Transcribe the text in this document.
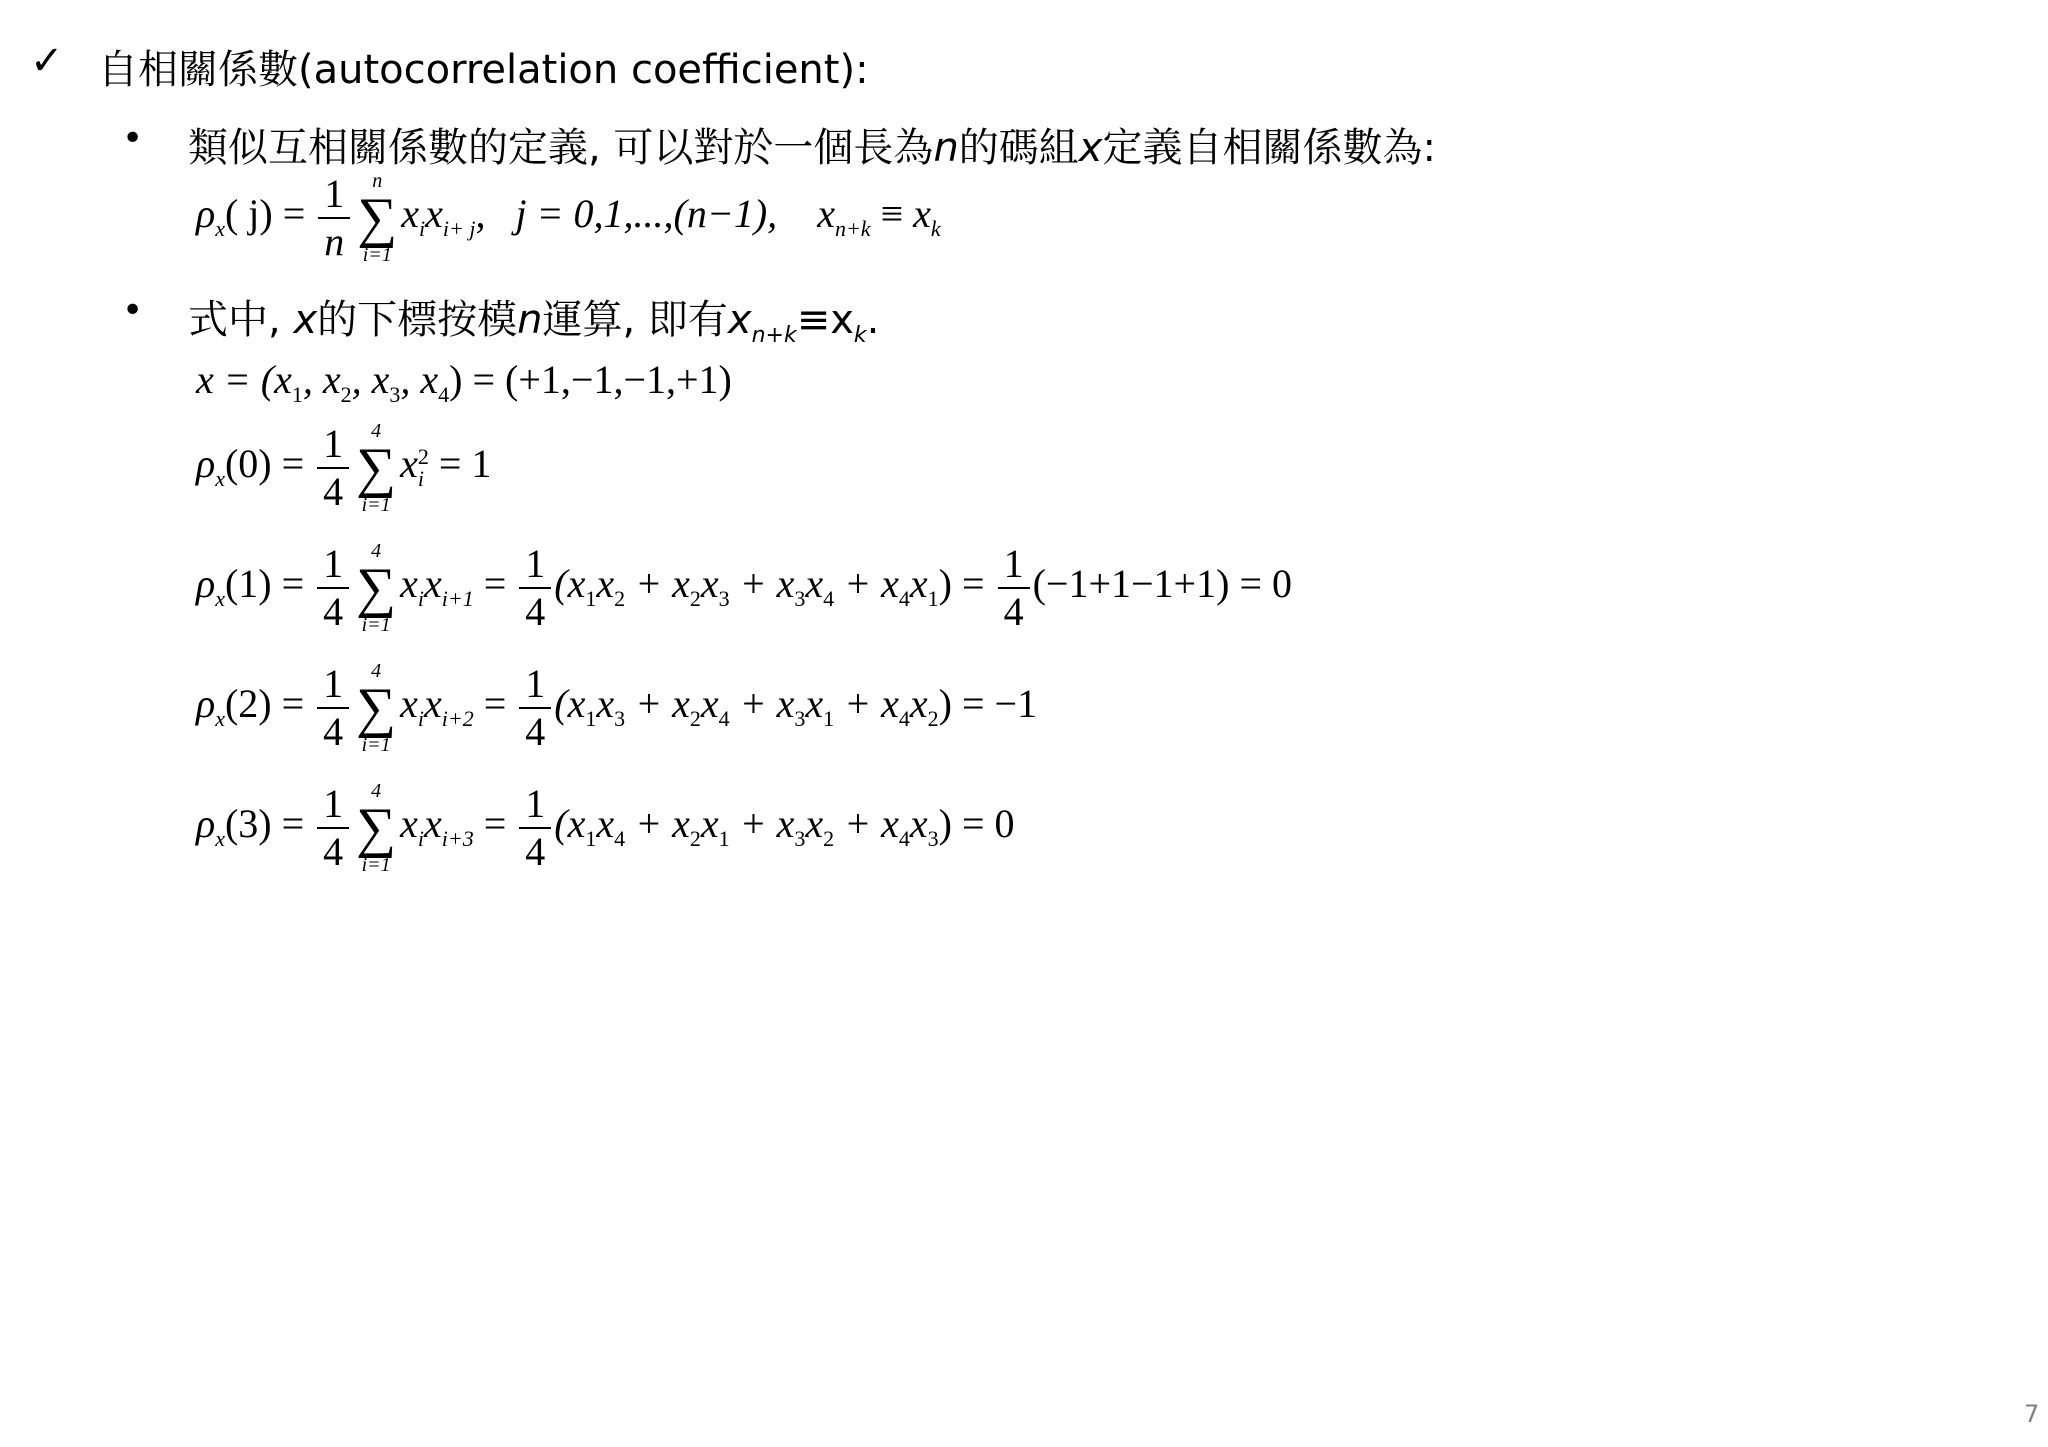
✓ 自相關係數(autocorrelation coefficient):
• 類似互相關係數的定義, 可以對於一個長為n的碼組x定義自相關係數為:
$\rho_x$( $j) = \frac{1}{n}$ n
∑
i=1
$x_ix_{i+ j}$, j = 0,1,...,(n−1), $x_{n+k} \equiv x_k$
• 式中, x的下標按模n運算, 即有$x_{n+k}\equiv x_k$.
$x = (x_1$, $x_2$, $x_3$, $x_4) = (+1,-1,-1,+1)$
$\rho_x(0) = \frac{1}{4} 4$
∑
i=1
x 2
i = 1
$\rho_x(1) = \frac{1}{4} 4$
∑
i=1
$x_ix_{i+1} = \frac{1}{4} (x_1x_2 + x_2x_3 + x_3x_4 + x_4x_1) = \frac{1}{4} (-1+1-1+1) = 0$
$\rho_x(2) = \frac{1}{4} 4$
∑
i=1
$x_ix_{i+2} = \frac{1}{4} (x_1x_3 + x_2x_4 + x_3x_1 + x_4x_2) = -1$
$\rho_x(3) = \frac{1}{4} 4$
∑
i=1
$x_ix_{i+3} = \frac{1}{4} (x_1x_4 + x_2x_1 + x_3x_2 + x_4x_3) = 0$
7
